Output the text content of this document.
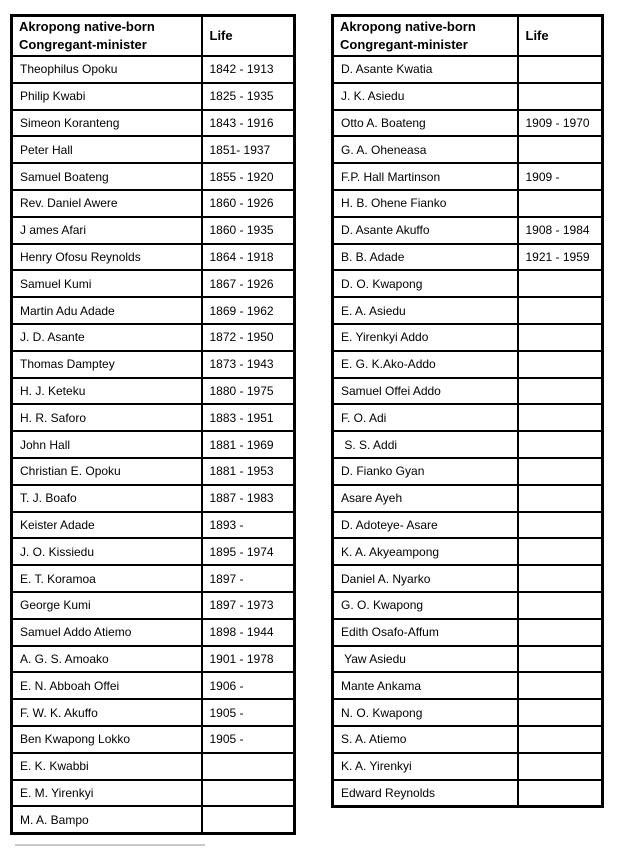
Akropong native-born
Congregant-minister	Life
Theophilus Opoku	1842 - 1913
Philip Kwabi	1825 - 1935
Simeon Koranteng	1843 - 1916
Peter Hall	1851- 1937
Samuel Boateng	1855 - 1920
Rev. Daniel Awere	1860 - 1926
J ames Afari	1860 - 1935
Henry Ofosu Reynolds	1864 - 1918
Samuel Kumi	1867 - 1926
Martin Adu Adade	1869 - 1962
J. D. Asante	1872 - 1950
Thomas Damptey	1873 - 1943
H. J. Keteku	1880 - 1975
H. R. Saforo	1883 - 1951
John Hall	1881 - 1969
Christian E. Opoku	1881 - 1953
T. J. Boafo	1887 - 1983
Keister Adade	1893 -
J. O. Kissiedu	1895 - 1974
E. T. Koramoa	1897 -
George Kumi	1897 - 1973
Samuel Addo Atiemo	1898 - 1944
A. G. S. Amoako	1901 - 1978
E. N. Abboah Offei	1906 -
F. W. K. Akuffo	1905 -
Ben Kwapong Lokko	1905 -
E. K. Kwabbi	
E. M. Yirenkyi	
M. A. Bampo	
Akropong native-born
Congregant-minister	Life
D. Asante Kwatia	
J. K. Asiedu	
Otto A. Boateng	1909 - 1970
G. A. Oheneasa	
F.P. Hall Martinson	1909 -
H. B. Ohene Fianko	
D. Asante Akuffo	1908 - 1984
B. B. Adade	1921 - 1959
D. O. Kwapong	
E. A. Asiedu	
E. Yirenkyi Addo	
E. G. K.Ako-Addo	
Samuel Offei Addo	
F. O. Adi	
S. S. Addi	
D. Fianko Gyan	
Asare Ayeh	
D. Adoteye- Asare	
K. A. Akyeampong	
Daniel A. Nyarko	
G. O. Kwapong	
Edith Osafo-Affum	
Yaw Asiedu	
Mante Ankama	
N. O. Kwapong	
S. A. Atiemo	
K. A. Yirenkyi	
Edward Reynolds	
